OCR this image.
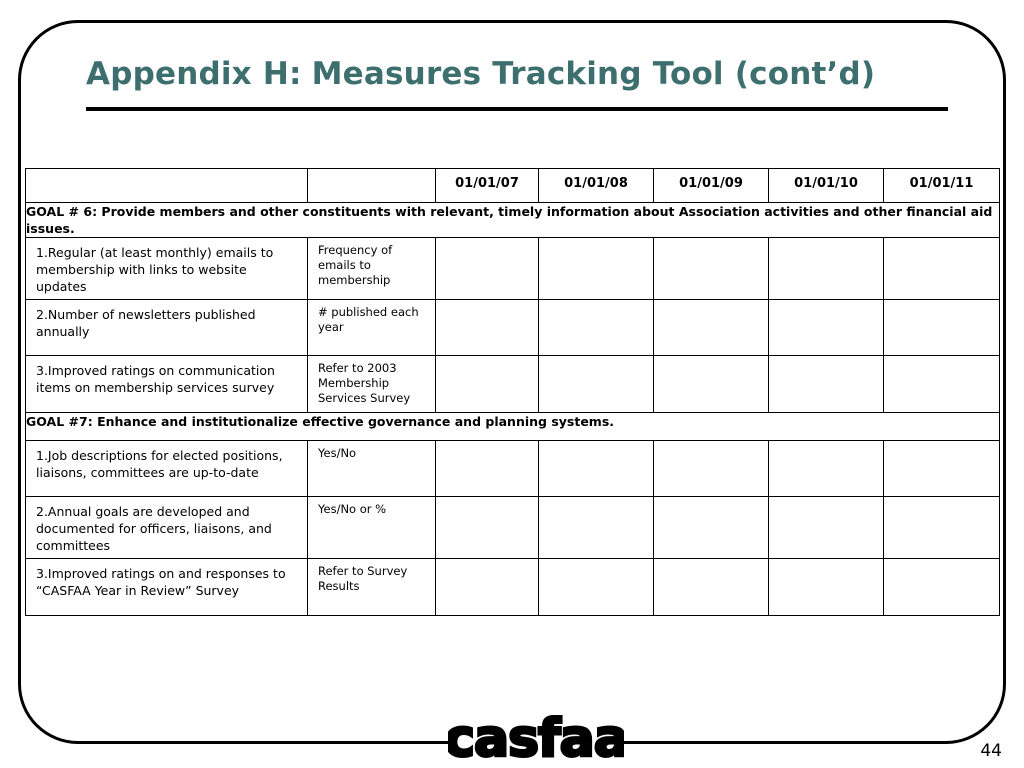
Appendix H: Measures Tracking Tool (cont’d)
		01/01/07	01/01/08	01/01/09	01/01/10	01/01/11
GOAL # 6: Provide members and other constituents with relevant, timely information about Association activities and other financial aid issues.						
1.Regular (at least monthly) emails to membership with links to website updates	Frequency of emails to membership					
2.Number of newsletters published annually	# published each year					
3.Improved ratings on communication items on membership services survey	Refer to 2003 Membership Services Survey					
GOAL #7: Enhance and institutionalize effective governance and planning systems.						
1.Job descriptions for elected positions, liaisons, committees are up-to-date	Yes/No					
2.Annual goals are developed and documented for officers, liaisons, and committees	Yes/No or %					
3.Improved ratings on and responses to “CASFAA Year in Review” Survey	Refer to Survey Results					
casfaa	44
